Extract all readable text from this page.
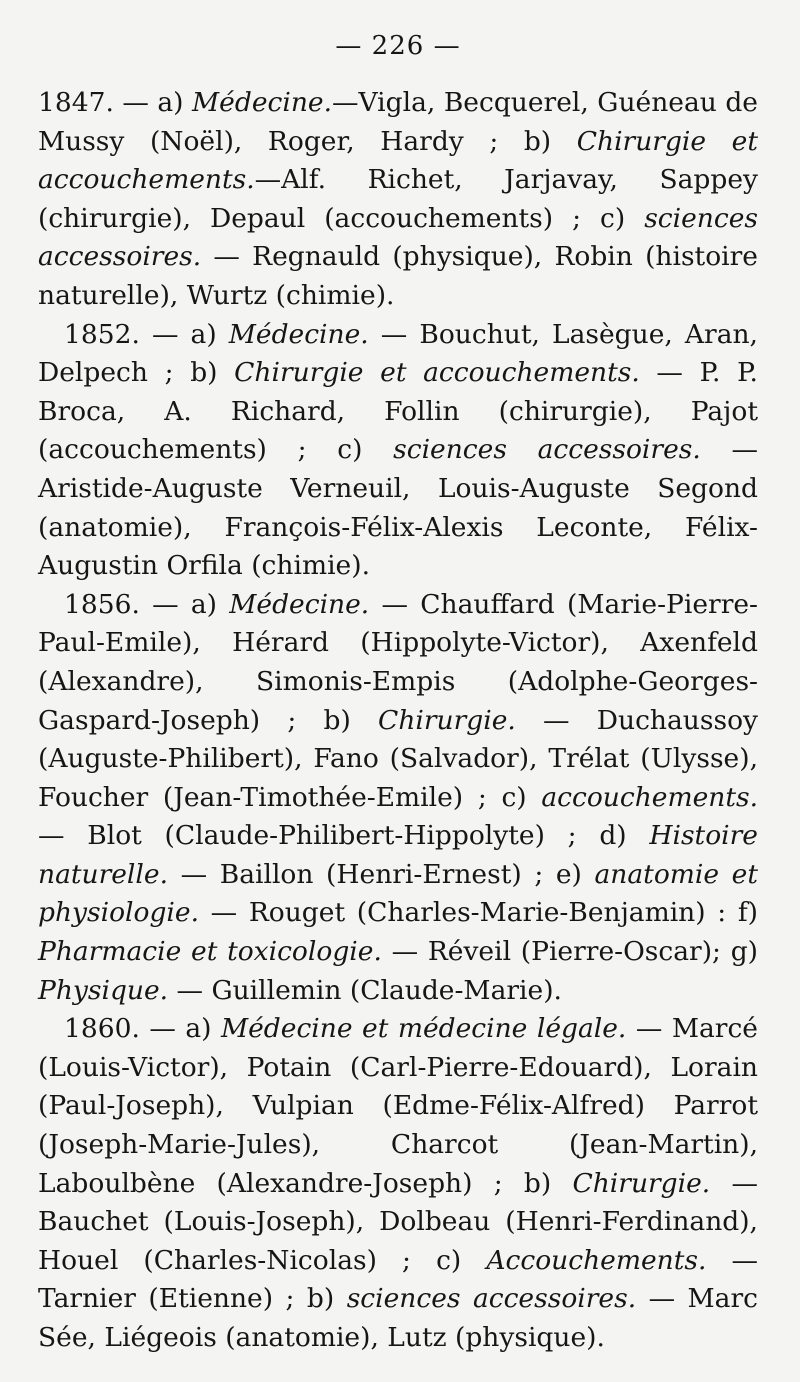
— 226 —

1847. — a) Médecine.—Vigla, Becquerel, Guéneau de Mussy (Noël), Roger, Hardy ; b) Chirurgie et accouchements.—Alf. Richet, Jarjavay, Sappey (chirurgie), Depaul (accouchements) ; c) sciences accessoires. — Regnauld (physique), Robin (histoire naturelle), Wurtz (chimie).

1852. — a) Médecine. — Bouchut, Lasègue, Aran, Delpech ; b) Chirurgie et accouchements. — P. P. Broca, A. Richard, Follin (chirurgie), Pajot (accouchements) ; c) sciences accessoires. — Aristide-Auguste Verneuil, Louis-Auguste Segond (anatomie), François-Félix-Alexis Leconte, Félix-Augustin Orfila (chimie).

1856. — a) Médecine. — Chauffard (Marie-Pierre-Paul-Emile), Hérard (Hippolyte-Victor), Axenfeld (Alexandre), Simonis-Empis (Adolphe-Georges-Gaspard-Joseph) ; b) Chirurgie. — Duchaussoy (Auguste-Philibert), Fano (Salvador), Trélat (Ulysse), Foucher (Jean-Timothée-Emile) ; c) accouchements. — Blot (Claude-Philibert-Hippolyte) ; d) Histoire naturelle. — Baillon (Henri-Ernest) ; e) anatomie et physiologie. — Rouget (Charles-Marie-Benjamin) : f) Pharmacie et toxicologie. — Réveil (Pierre-Oscar); g) Physique. — Guillemin (Claude-Marie).

1860. — a) Médecine et médecine légale. — Marcé (Louis-Victor), Potain (Carl-Pierre-Edouard), Lorain (Paul-Joseph), Vulpian (Edme-Félix-Alfred) Parrot (Joseph-Marie-Jules), Charcot (Jean-Martin), Laboulbène (Alexandre-Joseph) ; b) Chirurgie. — Bauchet (Louis-Joseph), Dolbeau (Henri-Ferdinand), Houel (Charles-Nicolas) ; c) Accouchements. — Tarnier (Etienne) ; b) sciences accessoires. — Marc Sée, Liégeois (anatomie), Lutz (physique).
